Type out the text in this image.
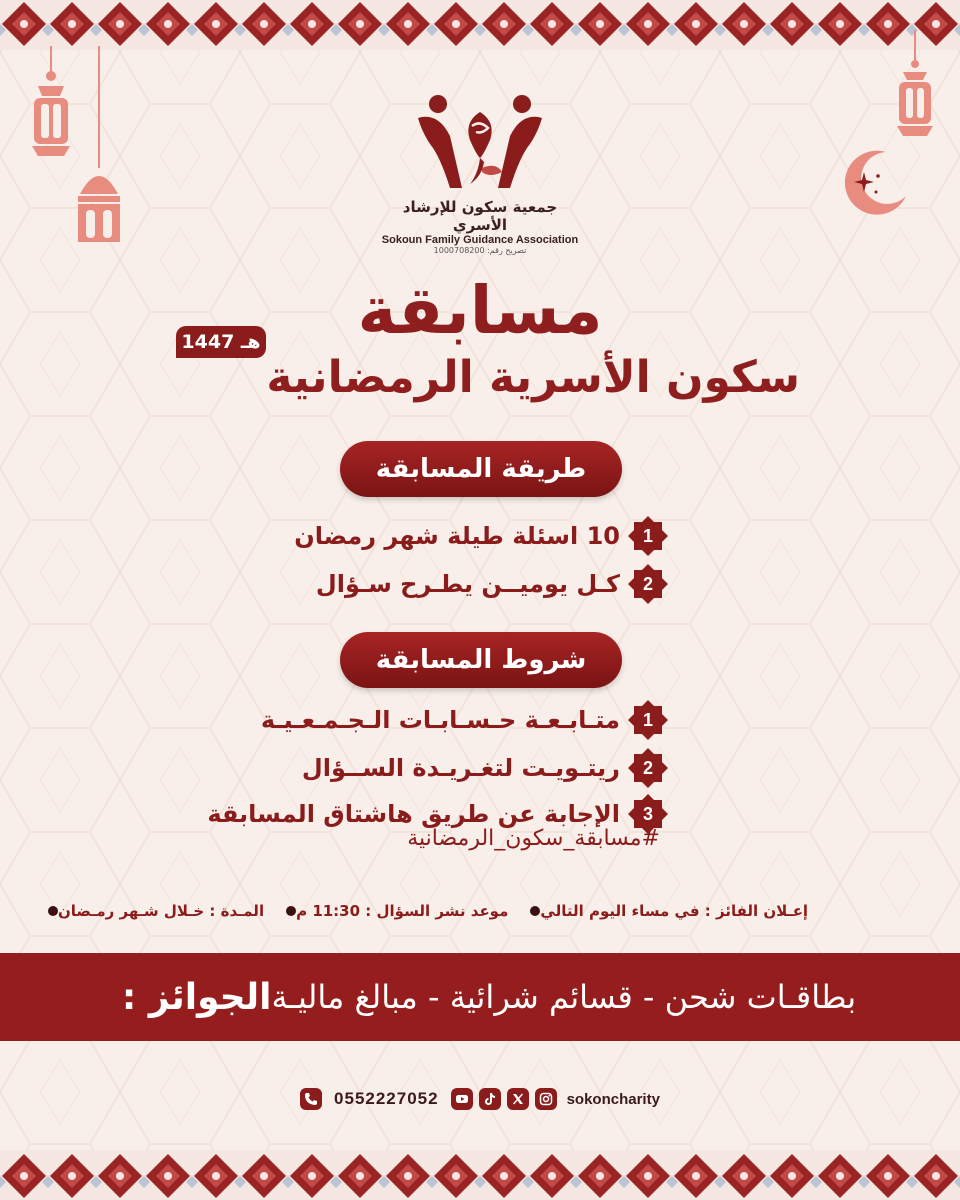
جمعية سكون للإرشاد الأسري
Sokoun Family Guidance Association
تصريح رقم: 1000708200
مسابقة
1447 هـ
سكون الأسرية الرمضانية
طريقة المسابقة
1
10 اسئلة طيلة شهر رمضان
2
كـل يوميــن يطـرح سـؤال
شروط المسابقة
1
متـابـعـة حـسـابـات الـجـمـعـيـة
2
ريتـويـت لتغـريـدة الســؤال
3
الإجابة عن طريق هاشتاق المسابقة
#مسابقة_سكون_الرمضانية
المـدة : خـلال شـهر رمـضان موعد نشر السؤال : 11:30 م إعـلان الفائز : في مساء اليوم التالي
الجوائز : بطاقـات شحن - قسائم شرائية - مبالغ ماليـة
0552227052	sokoncharity
